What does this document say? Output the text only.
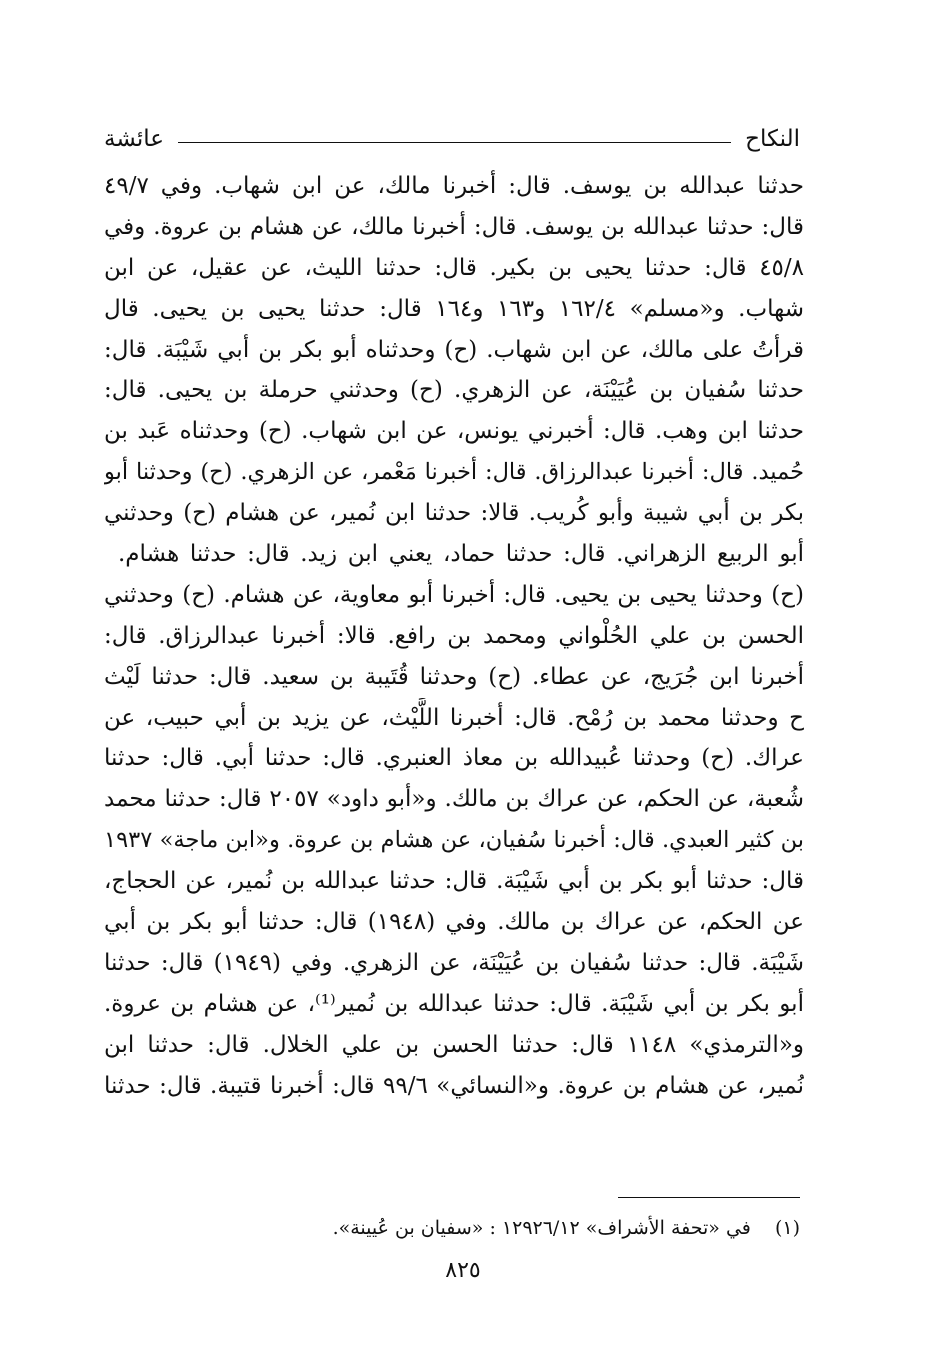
النكاح
عائشة
حدثنا عبدالله بن يوسف. قال: أخبرنا مالك، عن ابن شهاب. وفي ٤٩/٧
قال: حدثنا عبدالله بن يوسف. قال: أخبرنا مالك، عن هشام بن عروة. وفي
٤٥/٨ قال: حدثنا يحيى بن بكير. قال: حدثنا الليث، عن عقيل، عن ابن
شهاب. و«مسلم» ١٦٢/٤ و١٦٣ و١٦٤ قال: حدثنا يحيى بن يحيى. قال
قرأتُ على مالك، عن ابن شهاب. (ح) وحدثناه أبو بكر بن أبي شَيْبَة. قال:
حدثنا سُفيان بن عُيَيْنَة، عن الزهري. (ح) وحدثني حرملة بن يحيى. قال:
حدثنا ابن وهب. قال: أخبرني يونس، عن ابن شهاب. (ح) وحدثناه عَبد بن
حُميد. قال: أخبرنا عبدالرزاق. قال: أخبرنا مَعْمر، عن الزهري. (ح) وحدثنا أبو
بكر بن أبي شيبة وأبو كُريب. قالا: حدثنا ابن نُمير، عن هشام (ح) وحدثني
أبو الربيع الزهراني. قال: حدثنا حماد، يعني ابن زيد. قال: حدثنا هشام.
(ح) وحدثنا يحيى بن يحيى. قال: أخبرنا أبو معاوية، عن هشام. (ح) وحدثني
الحسن بن علي الحُلْواني ومحمد بن رافع. قالا: أخبرنا عبدالرزاق. قال:
أخبرنا ابن جُرَيج، عن عطاء. (ح) وحدثنا قُتَيبة بن سعيد. قال: حدثنا لَيْث
ح وحدثنا محمد بن رُمْح. قال: أخبرنا اللَّيْث، عن يزيد بن أبي حبيب، عن
عراك. (ح) وحدثنا عُبيدالله بن معاذ العنبري. قال: حدثنا أبي. قال: حدثنا
شُعبة، عن الحكم، عن عراك بن مالك. و«أبو داود» ٢٠٥٧ قال: حدثنا محمد
بن كثير العبدي. قال: أخبرنا سُفيان، عن هشام بن عروة. و«ابن ماجة» ١٩٣٧
قال: حدثنا أبو بكر بن أبي شَيْبَة. قال: حدثنا عبدالله بن نُمير، عن الحجاج،
عن الحكم، عن عراك بن مالك. وفي (١٩٤٨) قال: حدثنا أبو بكر بن أبي
شَيْبَة. قال: حدثنا سُفيان بن عُيَيْنَة، عن الزهري. وفي (١٩٤٩) قال: حدثنا
أبو بكر بن أبي شَيْبَة. قال: حدثنا عبدالله بن نُمير⁽¹⁾، عن هشام بن عروة.
و«الترمذي» ١١٤٨ قال: حدثنا الحسن بن علي الخلال. قال: حدثنا ابن
نُمير، عن هشام بن عروة. و«النسائي» ٩٩/٦ قال: أخبرنا قتيبة. قال: حدثنا
(١) في «تحفة الأشراف» ١٢٩٢٦/١٢ : «سفيان بن عُيينة».
٨٢٥
